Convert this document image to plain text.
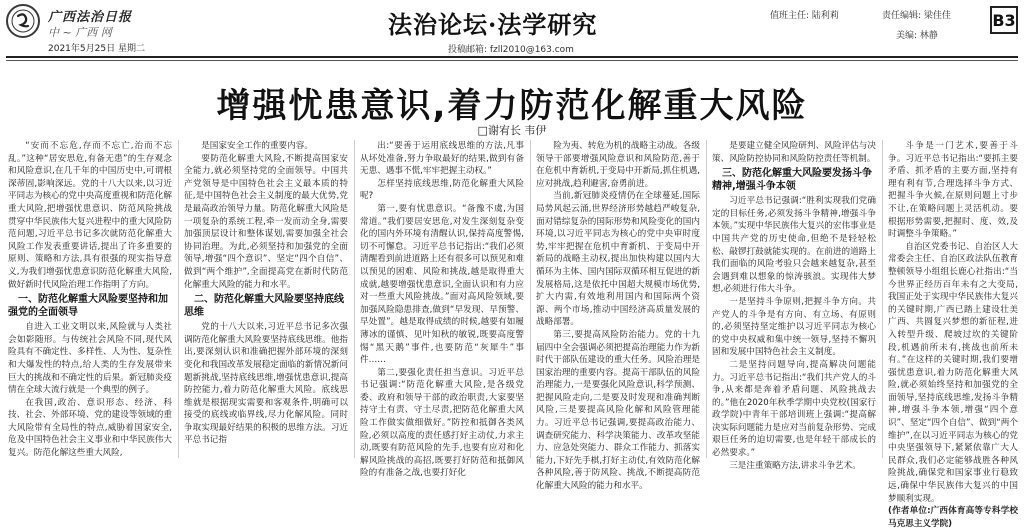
广西法治日报
中 ~ 广西 网
2021年5月25日 星期二
法治论坛·法学研究
投稿邮箱: fzll2010@163.com
值班主任: 陆利莉	责任编辑: 梁佳佳
美编: 林静
B3
增强忧患意识,着力防范化解重大风险
□谢宥长 韦伊

“安而不忘危,存而不忘亡,治而不忘乱。”这种“居安思危,有备无患”的生存观念和风险意识,在几千年的中国历史中,可谓根深蒂固,影响深远。党的十八大以来,以习近平同志为核心的党中央高度重视和防范化解重大风险,把增强忧患意识、防范风险挑战贯穿中华民族伟大复兴进程中的重大风险防范问题,习近平总书记多次就防范化解重大风险工作发表重要讲话,提出了许多重要的原则、策略和方法,具有很强的现实指导意义,为我们增强忧患意识防范化解重大风险,做好新时代风险治理工作指明了方向。

一、防范化解重大风险要坚持和加强党的全面领导

自进入工业文明以来,风险就与人类社会如影随形。与传统社会风险不同,现代风险具有不确定性、多样性、人为性、复杂性和大爆发性的特点,给人类的生存发展带来巨大的挑战和不确定性的后果。新冠肺炎疫情在全球大流行就是一个典型的例子。

在我国,政治、意识形态、经济、科技、社会、外部环境、党的建设等领域的重大风险带有全局性的特点,威胁着国家安全,危及中国特色社会主义事业和中华民族伟大复兴。防范化解这些重大风险,

是国家安全工作的重要内容。

要防范化解重大风险,不断提高国家安全能力,就必须坚持党的全面领导。中国共产党领导是中国特色社会主义最本质的特征,是中国特色社会主义制度的最大优势,党是最高政治领导力量。防范化解重大风险是一项复杂的系统工程,牵一发而动全身,需要加强顶层设计和整体谋划,需要加强全社会协同治理。为此,必须坚持和加强党的全面领导,增强“四个意识”、坚定“四个自信”、做到“两个维护”,全面提高党在新时代防范化解重大风险的能力和水平。

二、防范化解重大风险要坚持底线思维

党的十八大以来,习近平总书记多次强调防范化解重大风险要坚持底线思维。他指出,要深刻认识和准确把握外部环境的深刻变化和我国改革发展稳定面临的新情况新问题新挑战,坚持底线思维,增强忧患意识,提高防控能力,着力防范化解重大风险。底线思维就是根据现实需要和客观条件,明确可以接受的底线或临界线,尽力化解风险。同时争取实现最好结果的积极的思维方法。习近平总书记指

出:“要善于运用底线思维的方法,凡事从坏处准备,努力争取最好的结果,做到有备无患、遇事不慌,牢牢把握主动权。”

怎样坚持底线思维,防范化解重大风险呢?

第一,要有忧患意识。“备豫不虞,为国常道。”我们要居安思危,对发生深刻复杂变化的国内外环境有清醒认识,保持高度警惕,切不可懈怠。习近平总书记指出:“我们必须清醒看到前进道路上还有很多可以预见和难以预见的困难、风险和挑战,越是取得重大成就,越要增强忧患意识,全面认识和有力应对一些重大风险挑战。”面对高风险领域,要加强风险隐患排查,做到“早发现、早预警、早处置”。越是取得成绩的时候,越要有如履薄冰的谨慎、见叶知秋的敏锐,既要高度警惕“黑天鹅”事件,也要防范“灰犀牛”事件……

第二,要强化责任担当意识。习近平总书记强调:“防范化解重大风险,是各级党委、政府和领导干部的政治职责,大家要坚持守土有责、守土尽责,把防范化解重大风险工作做实做细做好。”防控和抵御各类风险,必须以高度的责任感打好主动仗,力求主动,既要有防范风险的先手,也要有应对和化解风险挑战的高招,既要打好防范和抵御风险的有准备之战,也要打好化

险为夷、转危为机的战略主动战。各级领导干部要增强风险意识和风险防范,善于在危机中育新机,于变局中开新局,抓住机遇,应对挑战,趋利避害,奋勇前进。

当前,新冠肺炎疫情仍在全球蔓延,国际局势风起云涌,世界经济形势越趋严峻复杂,面对错综复杂的国际形势和风险变化的国内环境,以习近平同志为核心的党中央审时度势,牢牢把握在危机中育新机、于变局中开新局的战略主动权,提出加快构建以国内大循环为主体、国内国际双循环相互促进的新发展格局,这是依托中国超大规模市场优势,扩大内需,有效地利用国内和国际两个资源、两个市场,推动中国经济高质量发展的战略部署。

第三,要提高风险防治能力。党的十九届四中全会强调必须把提高治理能力作为新时代干部队伍建设的重大任务。风险治理是国家治理的重要内容。提高干部队伍的风险治理能力,一是要强化风险意识,科学预测、把握风险走向,二是要及时发现和准确判断风险,三是要提高风险化解和风险管理能力。习近平总书记强调,要提高政治能力、调查研究能力、科学决策能力、改革攻坚能力、应急处突能力、群众工作能力、抓落实能力,下好先手棋,打好主动仗,有效防范化解各种风险,善于防风险、挑战,不断提高防范化解重大风险的能力和水平。

是要建立健全风险研判、风险评估与决策、风险防控协同和风险防控责任等机制。

三、防范化解重大风险要发扬斗争精神,增强斗争本领

习近平总书记强调:“胜利实现我们党确定的目标任务,必须发扬斗争精神,增强斗争本领。”实现中华民族伟大复兴的宏伟事业是中国共产党的历史使命,但绝不是轻轻松松、敲锣打鼓就能实现的。在前进的道路上我们面临的风险考验只会越来越复杂,甚至会遇到难以想象的惊涛骇浪。实现伟大梦想,必须进行伟大斗争。

一是坚持斗争原则,把握斗争方向。共产党人的斗争是有方向、有立场、有原则的,必须坚持坚定维护以习近平同志为核心的党中央权威和集中统一领导,坚持不懈巩固和发展中国特色社会主义制度。

二是坚持问题导向,提高解决问题能力。习近平总书记指出:“我们共产党人的斗争,从来都是奔着矛盾问题、风险挑战去的。”他在2020年秋季学期中央党校(国家行政学院)中青年干部培训班上强调:“提高解决实际问题能力是应对当前复杂形势、完成艰巨任务的迫切需要,也是年轻干部成长的必然要求。”

三是注重策略方法,讲求斗争艺术。

斗争是一门艺术,要善于斗争。习近平总书记指出:“要抓主要矛盾、抓矛盾的主要方面,坚持有理有利有节,合理选择斗争方式、把握斗争火候,在原则问题上寸步不让,在策略问题上灵活机动。要根据形势需要,把握时、度、效,及时调整斗争策略。”

自治区党委书记、自治区人大常委会主任、自治区政法队伍教育整顿领导小组组长鹿心社指出:“当今世界正经历百年未有之大变局,我国正处于实现中华民族伟大复兴的关键时期,广西已踏上建设壮美广西、共圆复兴梦想的新征程,进入转型升级、爬坡过坎的关键阶段,机遇前所未有,挑战也前所未有。”在这样的关键时期,我们要增强忧患意识,着力防范化解重大风险,就必须始终坚持和加强党的全面领导,坚持底线思维,发扬斗争精神,增强斗争本领,增强“四个意识”、坚定“四个自信”、做到“两个维护”,在以习近平同志为核心的党中央坚强领导下,紧紧依靠广大人民群众,我们必定能够战胜各种风险挑战,确保党和国家事业行稳致远,确保中华民族伟大复兴的中国梦顺利实现。

(作者单位:广西体育高等专科学校马克思主义学院)
